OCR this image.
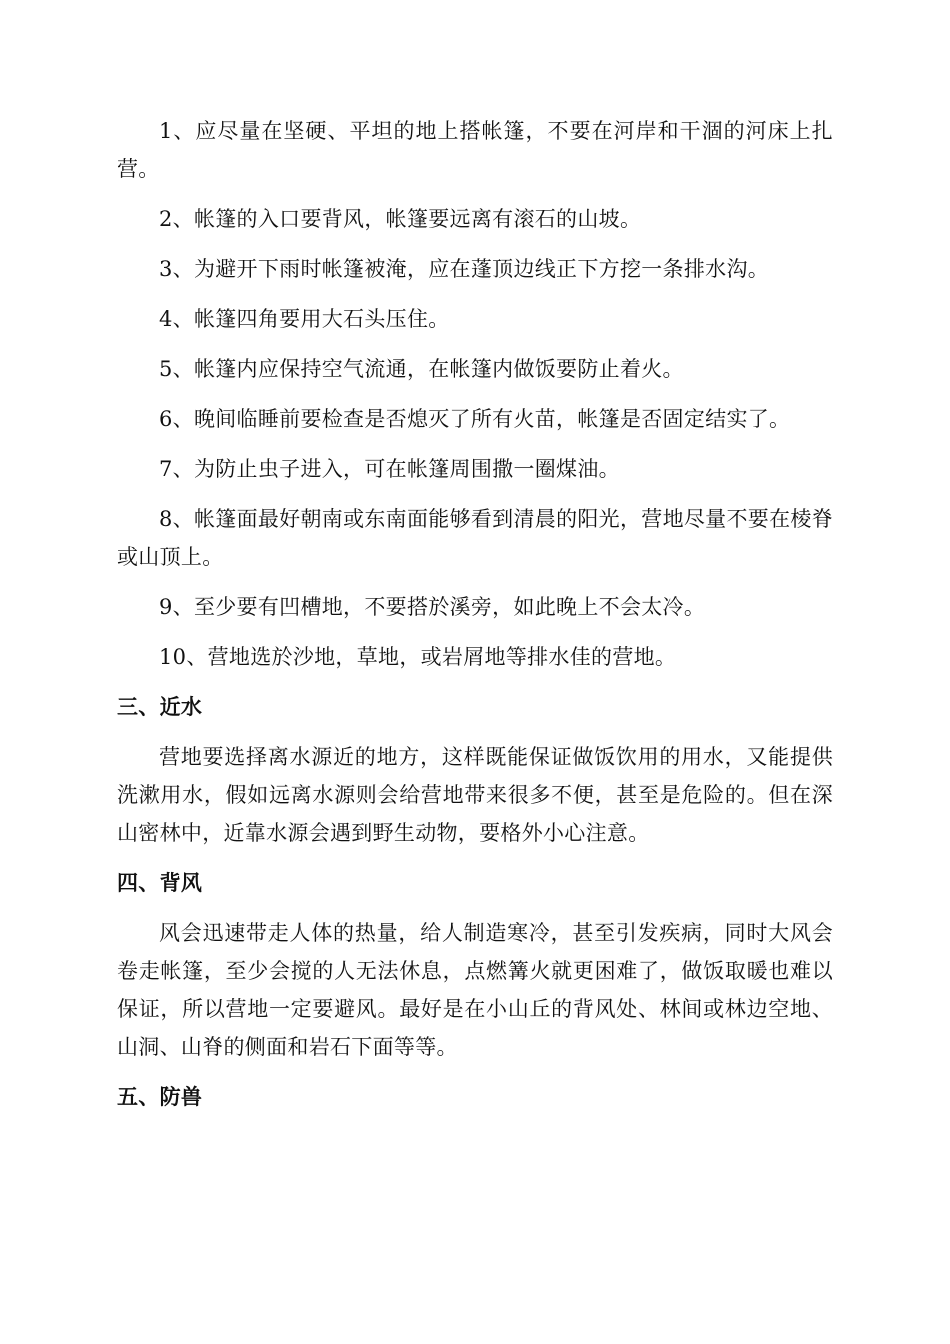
1、应尽量在坚硬、平坦的地上搭帐篷，不要在河岸和干涸的河床上扎营。

2、帐篷的入口要背风，帐篷要远离有滚石的山坡。

3、为避开下雨时帐篷被淹，应在蓬顶边线正下方挖一条排水沟。

4、帐篷四角要用大石头压住。

5、帐篷内应保持空气流通，在帐篷内做饭要防止着火。

6、晚间临睡前要检查是否熄灭了所有火苗，帐篷是否固定结实了。

7、为防止虫子进入，可在帐篷周围撒一圈煤油。

8、帐篷面最好朝南或东南面能够看到清晨的阳光，营地尽量不要在棱脊或山顶上。

9、至少要有凹槽地，不要搭於溪旁，如此晚上不会太冷。

10、营地选於沙地，草地，或岩屑地等排水佳的营地。

三、近水

营地要选择离水源近的地方，这样既能保证做饭饮用的用水，又能提供洗漱用水，假如远离水源则会给营地带来很多不便，甚至是危险的。但在深山密林中，近靠水源会遇到野生动物，要格外小心注意。

四、背风

风会迅速带走人体的热量，给人制造寒冷，甚至引发疾病，同时大风会卷走帐篷，至少会搅的人无法休息，点燃篝火就更困难了，做饭取暖也难以保证，所以营地一定要避风。最好是在小山丘的背风处、林间或林边空地、山洞、山脊的侧面和岩石下面等等。

五、防兽
